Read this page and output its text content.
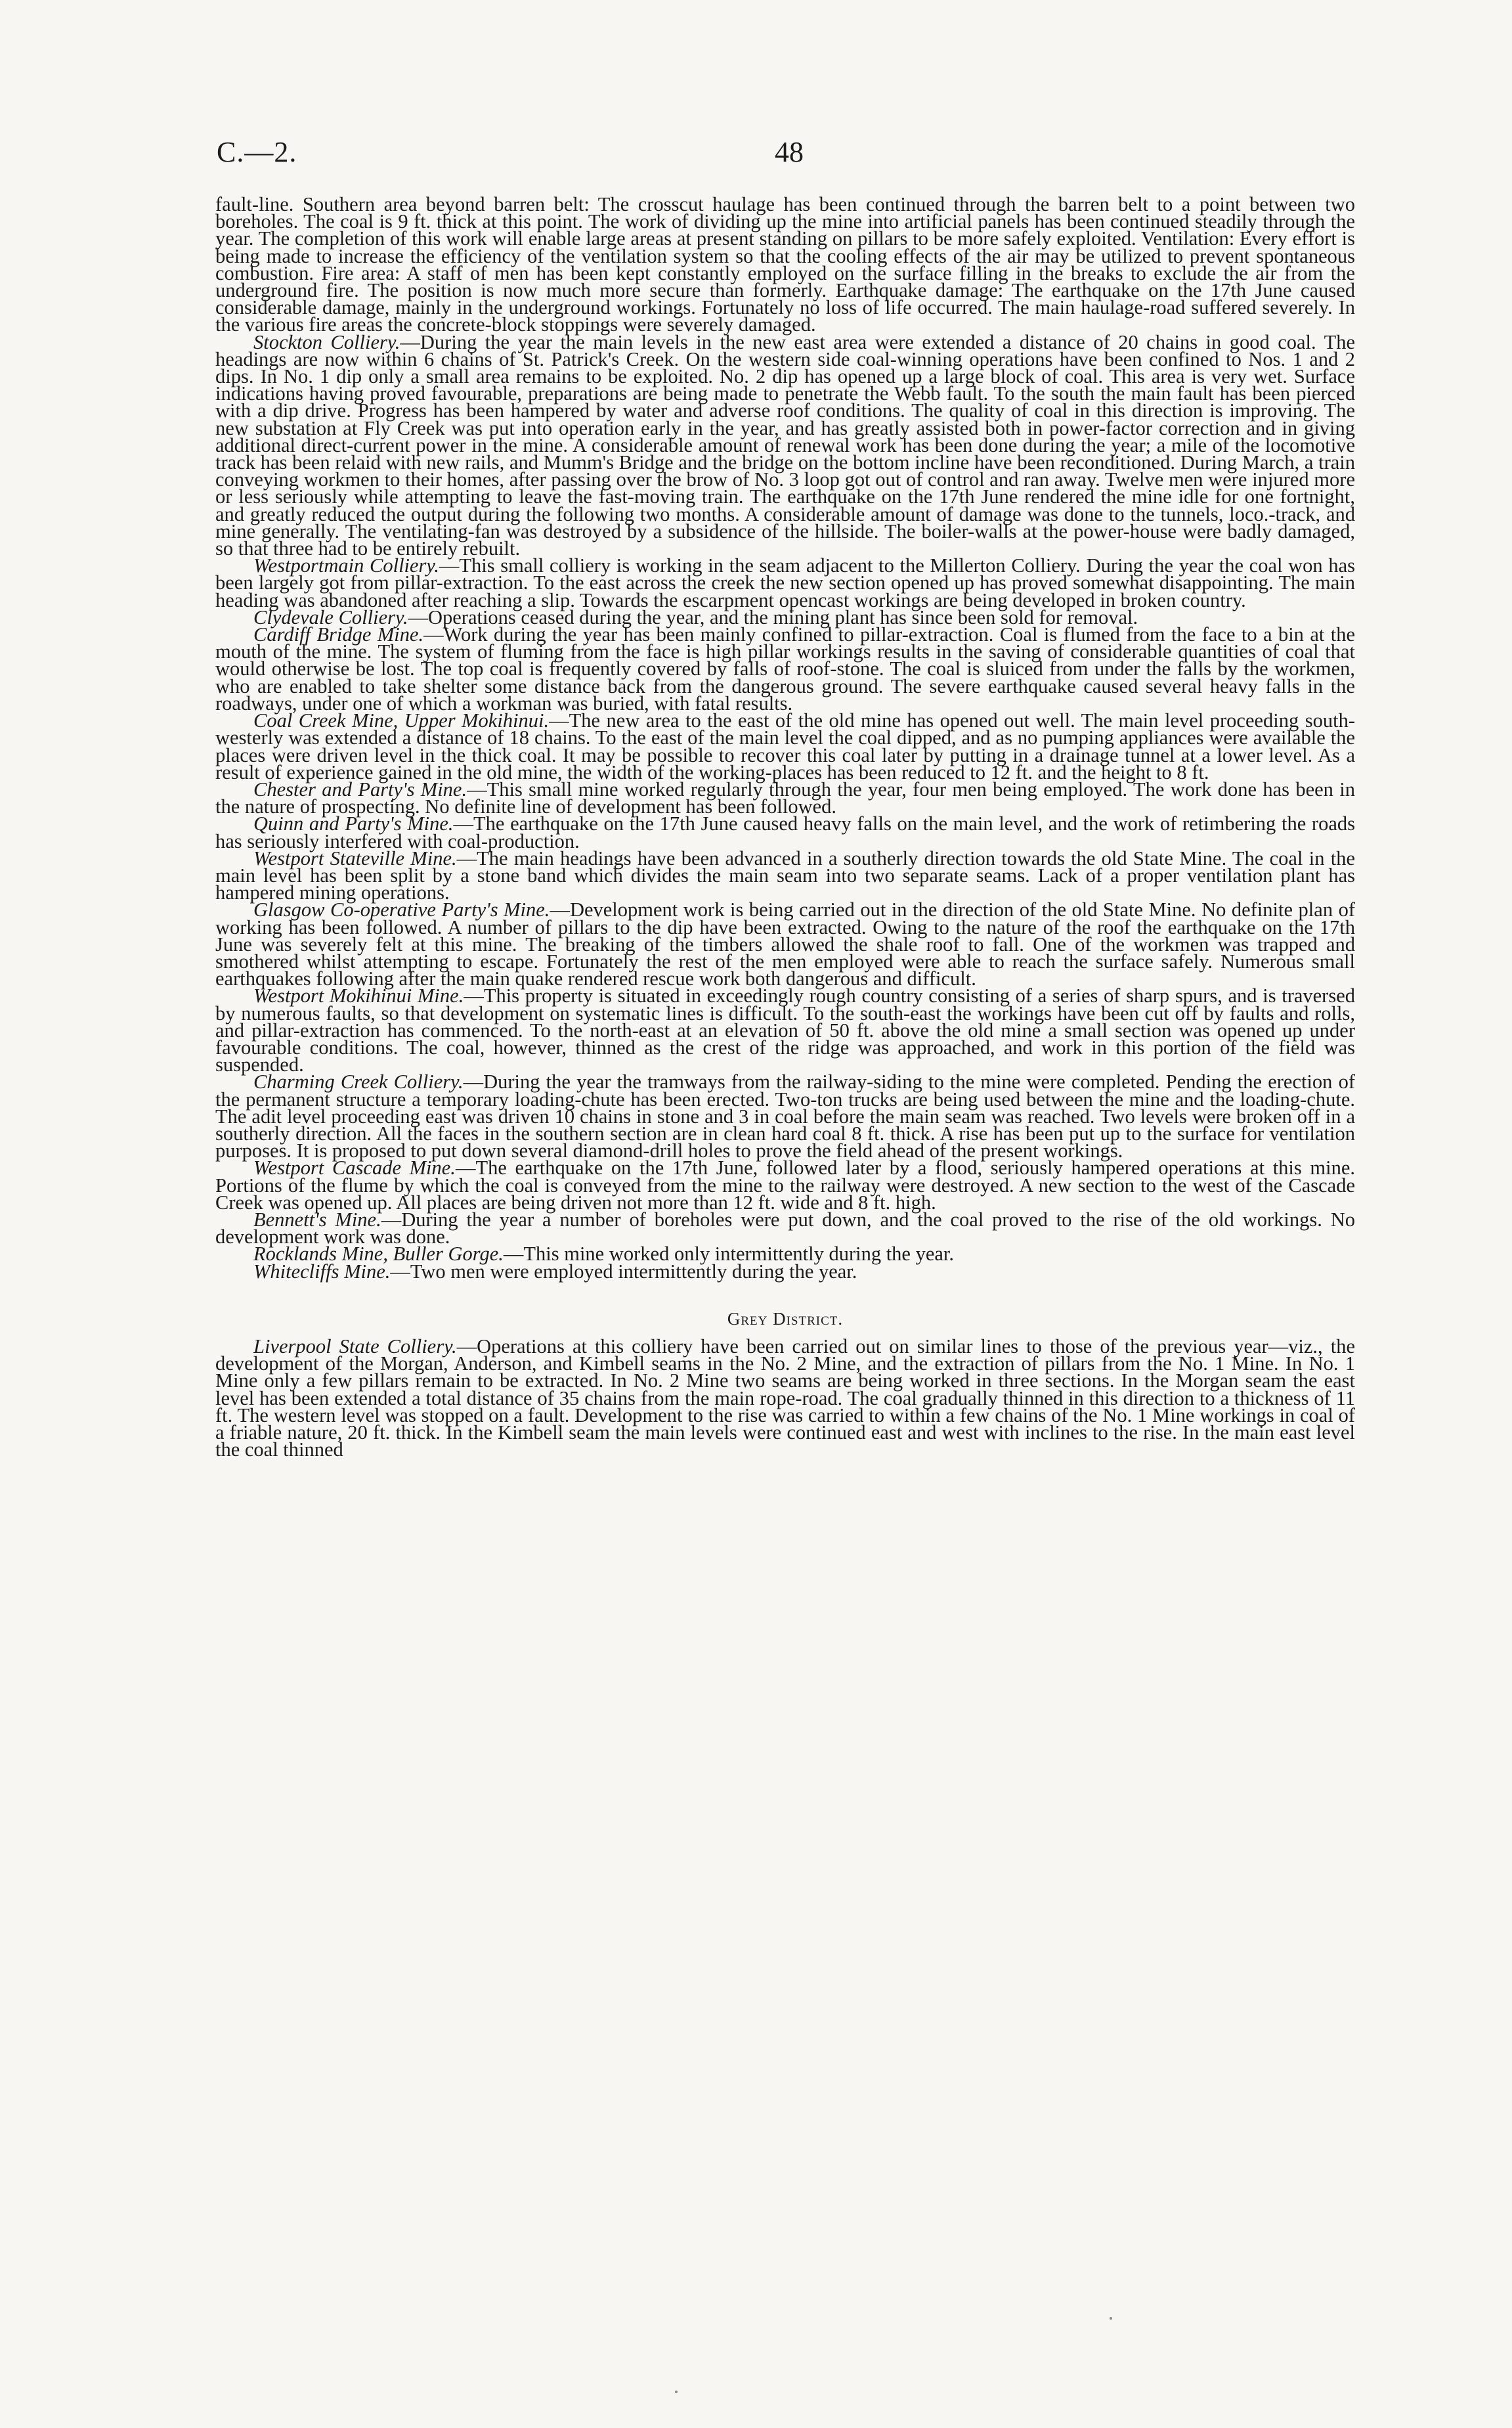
C.—2.	48

fault-line. Southern area beyond barren belt: The crosscut haulage has been continued through the barren belt to a point between two boreholes. The coal is 9 ft. thick at this point. The work of dividing up the mine into artificial panels has been continued steadily through the year. The completion of this work will enable large areas at present standing on pillars to be more safely exploited. Ventilation: Every effort is being made to increase the efficiency of the ventilation system so that the cooling effects of the air may be utilized to prevent spontaneous combustion. Fire area: A staff of men has been kept constantly employed on the surface filling in the breaks to exclude the air from the underground fire. The position is now much more secure than formerly. Earthquake damage: The earthquake on the 17th June caused considerable damage, mainly in the underground workings. Fortunately no loss of life occurred. The main haulage-road suffered severely. In the various fire areas the concrete-block stoppings were severely damaged.

Stockton Colliery.—During the year the main levels in the new east area were extended a distance of 20 chains in good coal. The headings are now within 6 chains of St. Patrick's Creek. On the western side coal-winning operations have been confined to Nos. 1 and 2 dips. In No. 1 dip only a small area remains to be exploited. No. 2 dip has opened up a large block of coal. This area is very wet. Surface indications having proved favourable, preparations are being made to penetrate the Webb fault. To the south the main fault has been pierced with a dip drive. Progress has been hampered by water and adverse roof conditions. The quality of coal in this direction is improving. The new substation at Fly Creek was put into operation early in the year, and has greatly assisted both in power-factor correction and in giving additional direct-current power in the mine. A considerable amount of renewal work has been done during the year; a mile of the locomotive track has been relaid with new rails, and Mumm's Bridge and the bridge on the bottom incline have been reconditioned. During March, a train conveying workmen to their homes, after passing over the brow of No. 3 loop got out of control and ran away. Twelve men were injured more or less seriously while attempting to leave the fast-moving train. The earthquake on the 17th June rendered the mine idle for one fortnight, and greatly reduced the output during the following two months. A considerable amount of damage was done to the tunnels, loco.-track, and mine generally. The ventilating-fan was destroyed by a subsidence of the hillside. The boiler-walls at the power-house were badly damaged, so that three had to be entirely rebuilt.

Westportmain Colliery.—This small colliery is working in the seam adjacent to the Millerton Colliery. During the year the coal won has been largely got from pillar-extraction. To the east across the creek the new section opened up has proved somewhat disappointing. The main heading was abandoned after reaching a slip. Towards the escarpment opencast workings are being developed in broken country.

Clydevale Colliery.—Operations ceased during the year, and the mining plant has since been sold for removal.

Cardiff Bridge Mine.—Work during the year has been mainly confined to pillar-extraction. Coal is flumed from the face to a bin at the mouth of the mine. The system of fluming from the face is high pillar workings results in the saving of considerable quantities of coal that would otherwise be lost. The top coal is frequently covered by falls of roof-stone. The coal is sluiced from under the falls by the workmen, who are enabled to take shelter some distance back from the dangerous ground. The severe earthquake caused several heavy falls in the roadways, under one of which a workman was buried, with fatal results.

Coal Creek Mine, Upper Mokihinui.—The new area to the east of the old mine has opened out well. The main level proceeding south-westerly was extended a distance of 18 chains. To the east of the main level the coal dipped, and as no pumping appliances were available the places were driven level in the thick coal. It may be possible to recover this coal later by putting in a drainage tunnel at a lower level. As a result of experience gained in the old mine, the width of the working-places has been reduced to 12 ft. and the height to 8 ft.

Chester and Party's Mine.—This small mine worked regularly through the year, four men being employed. The work done has been in the nature of prospecting. No definite line of development has been followed.

Quinn and Party's Mine.—The earthquake on the 17th June caused heavy falls on the main level, and the work of retimbering the roads has seriously interfered with coal-production.

Westport Stateville Mine.—The main headings have been advanced in a southerly direction towards the old State Mine. The coal in the main level has been split by a stone band which divides the main seam into two separate seams. Lack of a proper ventilation plant has hampered mining operations.

Glasgow Co-operative Party's Mine.—Development work is being carried out in the direction of the old State Mine. No definite plan of working has been followed. A number of pillars to the dip have been extracted. Owing to the nature of the roof the earthquake on the 17th June was severely felt at this mine. The breaking of the timbers allowed the shale roof to fall. One of the workmen was trapped and smothered whilst attempting to escape. Fortunately the rest of the men employed were able to reach the surface safely. Numerous small earthquakes following after the main quake rendered rescue work both dangerous and difficult.

Westport Mokihinui Mine.—This property is situated in exceedingly rough country consisting of a series of sharp spurs, and is traversed by numerous faults, so that development on systematic lines is difficult. To the south-east the workings have been cut off by faults and rolls, and pillar-extraction has commenced. To the north-east at an elevation of 50 ft. above the old mine a small section was opened up under favourable conditions. The coal, however, thinned as the crest of the ridge was approached, and work in this portion of the field was suspended.

Charming Creek Colliery.—During the year the tramways from the railway-siding to the mine were completed. Pending the erection of the permanent structure a temporary loading-chute has been erected. Two-ton trucks are being used between the mine and the loading-chute. The adit level proceeding east was driven 10 chains in stone and 3 in coal before the main seam was reached. Two levels were broken off in a southerly direction. All the faces in the southern section are in clean hard coal 8 ft. thick. A rise has been put up to the surface for ventilation purposes. It is proposed to put down several diamond-drill holes to prove the field ahead of the present workings.

Westport Cascade Mine.—The earthquake on the 17th June, followed later by a flood, seriously hampered operations at this mine. Portions of the flume by which the coal is conveyed from the mine to the railway were destroyed. A new section to the west of the Cascade Creek was opened up. All places are being driven not more than 12 ft. wide and 8 ft. high.

Bennett's Mine.—During the year a number of boreholes were put down, and the coal proved to the rise of the old workings. No development work was done.

Rocklands Mine, Buller Gorge.—This mine worked only intermittently during the year.

Whitecliffs Mine.—Two men were employed intermittently during the year.

Grey District.

Liverpool State Colliery.—Operations at this colliery have been carried out on similar lines to those of the previous year—viz., the development of the Morgan, Anderson, and Kimbell seams in the No. 2 Mine, and the extraction of pillars from the No. 1 Mine. In No. 1 Mine only a few pillars remain to be extracted. In No. 2 Mine two seams are being worked in three sections. In the Morgan seam the east level has been extended a total distance of 35 chains from the main rope-road. The coal gradually thinned in this direction to a thickness of 11 ft. The western level was stopped on a fault. Development to the rise was carried to within a few chains of the No. 1 Mine workings in coal of a friable nature, 20 ft. thick. In the Kimbell seam the main levels were continued east and west with inclines to the rise. In the main east level the coal thinned
